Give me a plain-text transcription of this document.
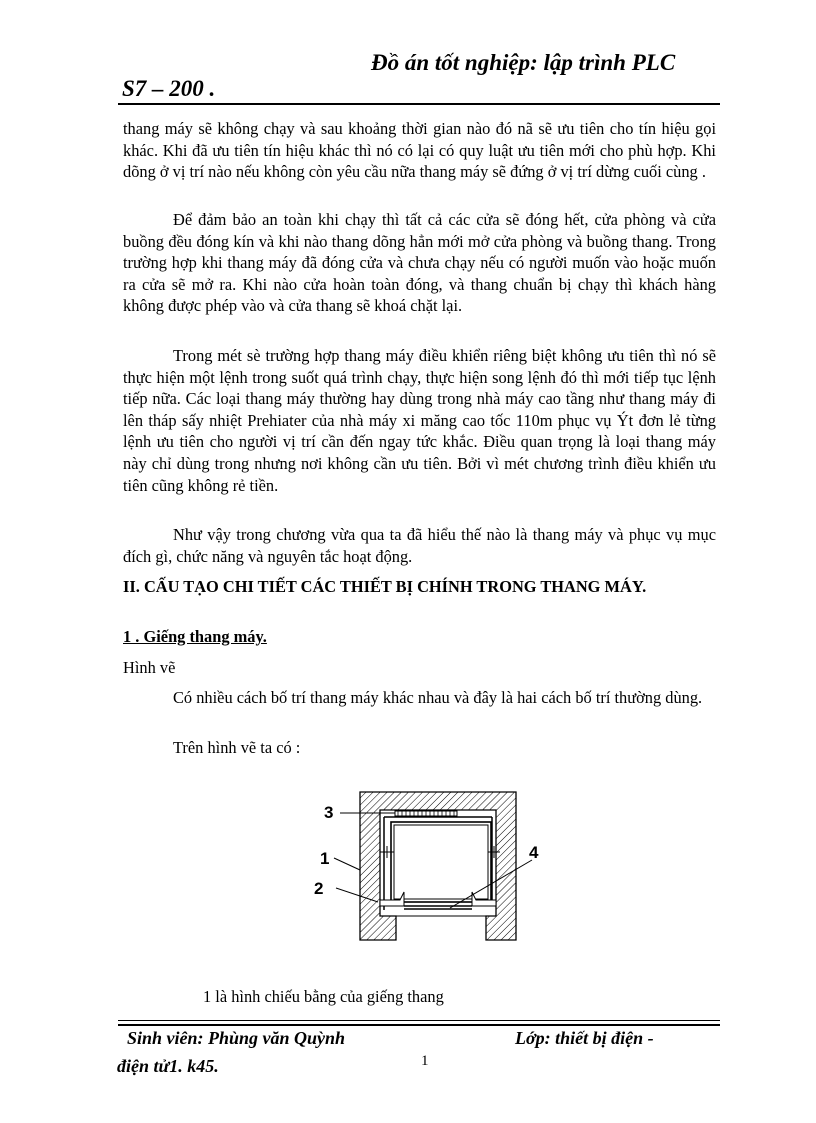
Đồ án tốt nghiệp: lập trình PLC
S7 – 200 .

thang máy sẽ không chạy và sau khoảng thời gian nào đó nã sẽ ưu tiên cho tín hiệu gọi khác. Khi đã ưu tiên tín hiệu khác thì nó có lại có quy luật ưu tiên mới cho phù hợp. Khi dõng ở vị trí nào nếu không còn yêu cầu nữa thang máy sẽ đứng ở vị trí dừng cuối cùng .

Để đảm bảo an toàn khi chạy thì tất cả các cửa sẽ đóng hết, cửa phòng và cửa buồng đều đóng kín và khi nào thang dõng hẳn mới mở cửa phòng và buồng thang. Trong trường hợp khi thang máy đã đóng cửa và chưa chạy nếu có người muốn vào hoặc muốn ra cửa sẽ mở ra. Khi nào cửa hoàn toàn đóng, và thang chuẩn bị chạy thì khách hàng không được phép vào và cửa thang sẽ khoá chặt lại.

Trong mét sè trường hợp thang máy điều khiển riêng biệt không ưu tiên thì nó sẽ thực hiện một lệnh trong suốt quá trình chạy, thực hiện song lệnh đó thì mới tiếp tục lệnh tiếp nữa. Các loại thang máy thường hay dùng trong nhà máy cao tầng như thang máy đi lên tháp sấy nhiệt Prehiater của nhà máy xi măng cao tốc 110m phục vụ Ýt đơn lẻ từng lệnh ưu tiên cho người vị trí cần đến ngay tức khắc. Điều quan trọng là loại thang máy này chỉ dùng trong nhưng nơi không cần ưu tiên. Bởi vì mét chương trình điều khiển ưu tiên cũng không rẻ tiền.

Như vậy trong chương vừa qua ta đã hiểu thế nào là thang máy và phục vụ mục đích gì, chức năng và nguyên tắc hoạt động.

II. CẤU TẠO CHI TIẾT CÁC THIẾT BỊ CHÍNH TRONG THANG MÁY.

1 . Giếng thang máy.
Hình vẽ

Có nhiều cách bố trí thang máy khác nhau và đây là hai cách bố trí thường dùng.

Trên hình vẽ ta có :
3
1
2
4
1 là hình chiếu bằng của giếng thang
Sinh viên: Phùng văn Quỳnh	Lớp: thiết bị điện -
điện tử1. k45.	1
